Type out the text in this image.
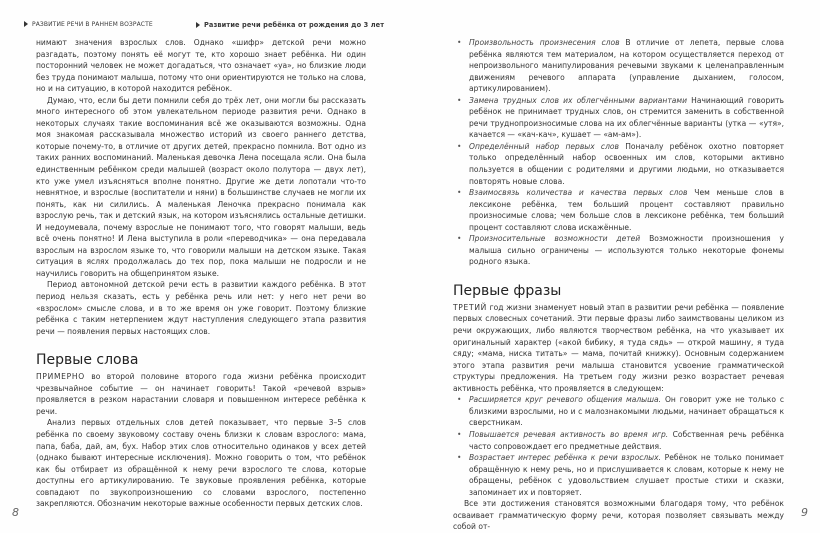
РАЗВИТИЕ РЕЧИ В РАННЕМ ВОЗРАСТЕ	Развитие речи ребёнка от рождения до 3 лет

нимают значения взрослых слов. Однако «шифр» детской речи можно разгадать, поэтому понять её могут те, кто хорошо знает ребёнка. Ни один посторонний человек не может догадаться, что означает «уа», но близкие люди без труда понимают малыша, потому что они ориентируются не только на слова, но и на ситуацию, в которой находится ребёнок.

Думаю, что, если бы дети помнили себя до трёх лет, они могли бы рассказать много интересного об этом увлекательном периоде развития речи. Однако в некоторых случаях такие воспоминания всё же оказываются возможны. Одна моя знакомая рассказывала множество историй из своего раннего детства, которые почему-то, в отличие от других детей, прекрасно помнила. Вот одно из таких ранних воспоминаний. Маленькая девочка Лена посещала ясли. Она была единственным ребёнком среди малышей (возраст около полутора — двух лет), кто уже умел изъясняться вполне понятно. Другие же дети лопотали что-то невнятное, и взрослые (воспитатели и няни) в большинстве случаев не могли их понять, как ни силились. А маленькая Леночка прекрасно понимала как взрослую речь, так и детский язык, на котором изъяснялись остальные детишки. И недоумевала, почему взрослые не понимают того, что говорят малыши, ведь всё очень понятно! И Лена выступила в роли «переводчика» — она передавала взрослым на взрослом языке то, что говорили малыши на детском языке. Такая ситуация в яслях продолжалась до тех пор, пока малыши не подросли и не научились говорить на общепринятом языке.

Период автономной детской речи есть в развитии каждого ребёнка. В этот период нельзя сказать, есть у ребёнка речь или нет: у него нет речи во «взрослом» смысле слова, и в то же время он уже говорит. Поэтому близкие ребёнка с таким нетерпением ждут наступления следующего этапа развития речи — появления первых настоящих слов.

Первые слова

ПРИМЕРНО во второй половине второго года жизни ребёнка происходит чрезвычайное событие — он начинает говорить! Такой «речевой взрыв» проявляется в резком нарастании словаря и повышенном интересе ребёнка к речи.

Анализ первых отдельных слов детей показывает, что первые 3–5 слов ребёнка по своему звуковому составу очень близки к словам взрослого: мама, папа, баба, дай, ам, бух. Набор этих слов относительно одинаков у всех детей (однако бывают интересные исключения). Можно говорить о том, что ребёнок как бы отбирает из обращённой к нему речи взрослого те слова, которые доступны его артикулированию. Те звуковые проявления ребёнка, которые совпадают по звукопроизношению со словами взрослого, постепенно закрепляются. Обозначим некоторые важные особенности первых детских слов.

8
• Произвольность произнесения слов В отличие от лепета, первые слова ребёнка являются тем материалом, на котором осуществляется переход от непроизвольного манипулирования речевыми звуками к целенаправленным движениям речевого аппарата (управление дыханием, голосом, артикулированием).
• Замена трудных слов их облегчёнными вариантами Начинающий говорить ребёнок не принимает трудных слов, он стремится заменить в собственной речи труднопроизносимые слова на их облегчённые варианты (утка — «утя», качается — «кач-кач», кушает — «ам-ам»).
• Определённый набор первых слов Поначалу ребёнок охотно повторяет только определённый набор освоенных им слов, которыми активно пользуется в общении с родителями и другими людьми, но отказывается повторять новые слова.
• Взаимосвязь количества и качества первых слов Чем меньше слов в лексиконе ребёнка, тем больший процент составляют правильно произносимые слова; чем больше слов в лексиконе ребёнка, тем больший процент составляют слова искажённые.
• Произносительные возможности детей Возможности произношения у малыша сильно ограничены — используются только некоторые фонемы родного языка.
Первые фразы

ТРЕТИЙ год жизни знаменует новый этап в развитии речи ребёнка — появление первых словесных сочетаний. Эти первые фразы либо заимствованы целиком из речи окружающих, либо являются творчеством ребёнка, на что указывает их оригинальный характер («акой бибику, я туда сядь» — открой машину, я туда сяду; «мама, ниска титать» — мама, почитай книжку). Основным содержанием этого этапа развития речи малыша становится усвоение грамматической структуры предложения. На третьем году жизни резко возрастает речевая активность ребёнка, что проявляется в следующем:

• Расширяется круг речевого общения малыша. Он говорит уже не только с близкими взрослыми, но и с малознакомыми людьми, начинает обращаться к сверстникам.
• Повышается речевая активность во время игр. Собственная речь ребёнка часто сопровождает его предметные действия.
• Возрастает интерес ребёнка к речи взрослых. Ребёнок не только понимает обращённую к нему речь, но и прислушивается к словам, которые к нему не обращены, ребёнок с удовольствием слушает простые стихи и сказки, запоминает их и повторяет.

Все эти достижения становятся возможными благодаря тому, что ребёнок осваивает грамматическую форму речи, которая позволяет связывать между собой от-

9
